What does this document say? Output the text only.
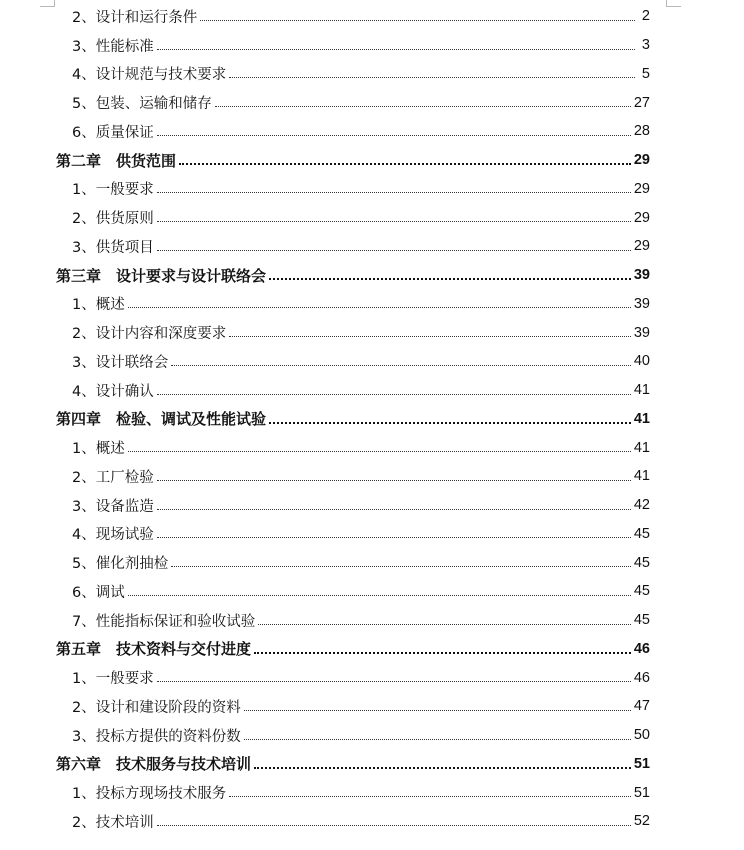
2、设计和运行条件	2
3、性能标准	3
4、设计规范与技术要求	5
5、包装、运输和储存	27
6、质量保证	28
第二章　供货范围	29
1、一般要求	29
2、供货原则	29
3、供货项目	29
第三章　设计要求与设计联络会	39
1、概述	39
2、设计内容和深度要求	39
3、设计联络会	40
4、设计确认	41
第四章　检验、调试及性能试验	41
1、概述	41
2、工厂检验	41
3、设备监造	42
4、现场试验	45
5、催化剂抽检	45
6、调试	45
7、性能指标保证和验收试验	45
第五章　技术资料与交付进度	46
1、一般要求	46
2、设计和建设阶段的资料	47
3、投标方提供的资料份数	50
第六章　技术服务与技术培训	51
1、投标方现场技术服务	51
2、技术培训	52
